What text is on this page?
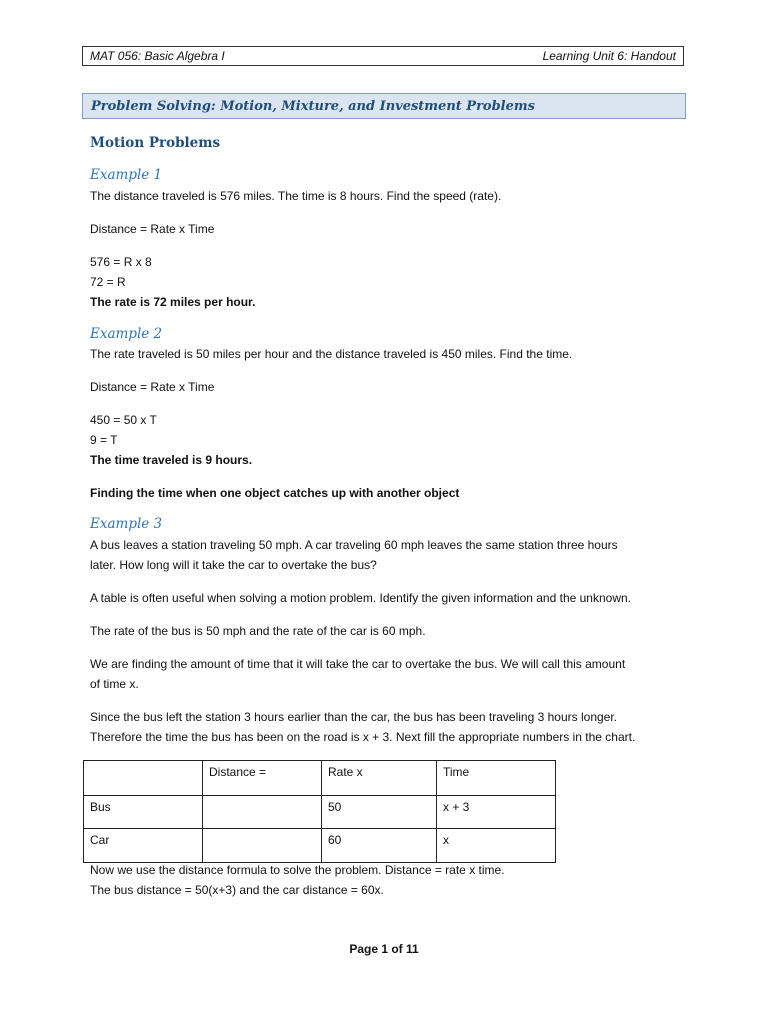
MAT 056: Basic Algebra I	Learning Unit 6: Handout
Problem Solving: Motion, Mixture, and Investment Problems
Motion Problems
Example 1
The distance traveled is 576 miles. The time is 8 hours. Find the speed (rate).
Distance = Rate x Time
576 = R x 8
72 = R
The rate is 72 miles per hour.
Example 2
The rate traveled is 50 miles per hour and the distance traveled is 450 miles. Find the time.
Distance = Rate x Time
450 = 50 x T
9 = T
The time traveled is 9 hours.
Finding the time when one object catches up with another object
Example 3
A bus leaves a station traveling 50 mph. A car traveling 60 mph leaves the same station three hours
later. How long will it take the car to overtake the bus?
A table is often useful when solving a motion problem. Identify the given information and the unknown.
The rate of the bus is 50 mph and the rate of the car is 60 mph.
We are finding the amount of time that it will take the car to overtake the bus. We will call this amount
of time x.
Since the bus left the station 3 hours earlier than the car, the bus has been traveling 3 hours longer.
Therefore the time the bus has been on the road is x + 3. Next fill the appropriate numbers in the chart.
	Distance =	Rate x	Time
Bus		50	x + 3
Car		60	x
Now we use the distance formula to solve the problem. Distance = rate x time.
The bus distance = 50(x+3) and the car distance = 60x.
Page 1 of 11
